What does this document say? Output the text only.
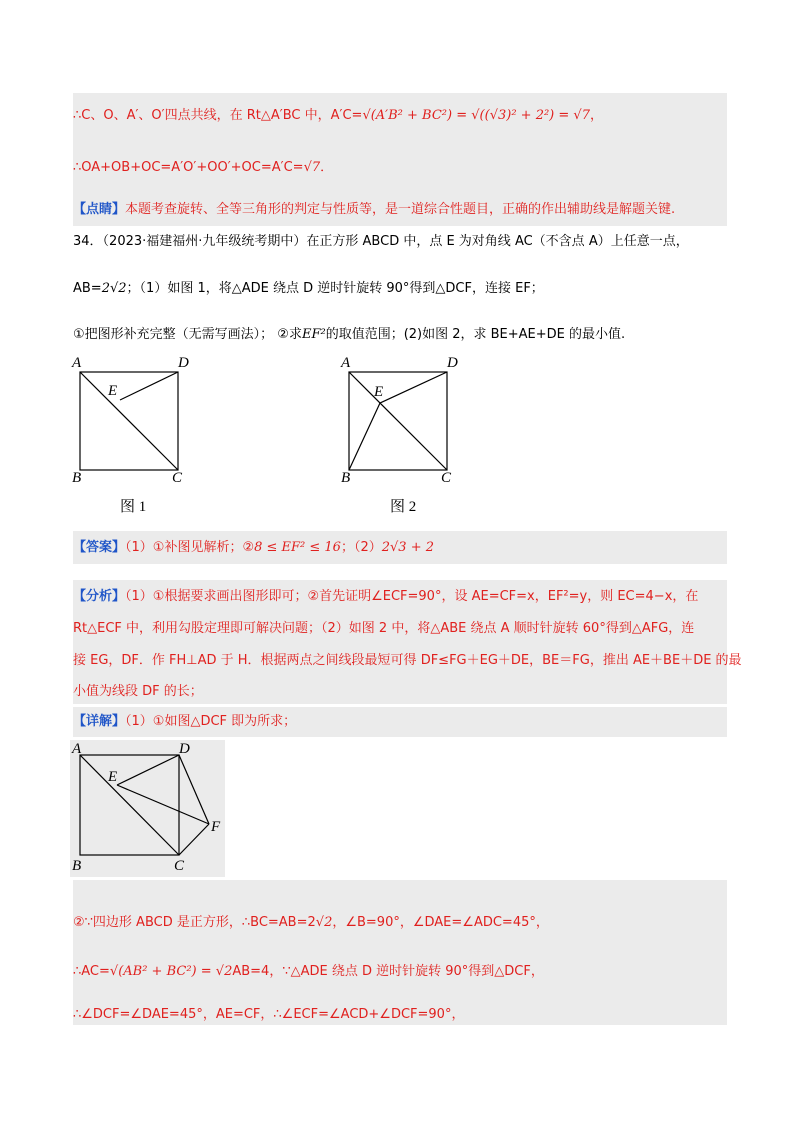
∴C、O、A′、O′四点共线，在 Rt△A′BC 中，A′C=√(A′B² + BC²) = √((√3)² + 2²) = √7，
∴OA+OB+OC=A′O′+OO′+OC=A′C=√7．
【点睛】本题考查旋转、全等三角形的判定与性质等，是一道综合性题目，正确的作出辅助线是解题关键.
34．（2023·福建福州·九年级统考期中）在正方形 ABCD 中，点 E 为对角线 AC（不含点 A）上任意一点，
AB=2√2；（1）如图 1，将△ADE 绕点 D 逆时针旋转 90°得到△DCF，连接 EF；
①把图形补充完整（无需写画法）； ②求EF²的取值范围；(2)如图 2，求 BE+AE+DE 的最小值.
A	D
E
B	C
图 1
A	D
E
B	C
图 2
【答案】（1）①补图见解析；②8 ≤ EF² ≤ 16；（2）2√3 + 2
【分析】（1）①根据要求画出图形即可；②首先证明∠ECF=90°，设 AE=CF=x，EF²=y，则 EC=4−x，在
Rt△ECF 中，利用勾股定理即可解决问题；（2）如图 2 中，将△ABE 绕点 A 顺时针旋转 60°得到△AFG，连
接 EG，DF．作 FH⊥AD 于 H．根据两点之间线段最短可得 DF≤FG＋EG＋DE，BE＝FG，推出 AE＋BE＋DE 的最
小值为线段 DF 的长；
【详解】（1）①如图△DCF 即为所求；
A	D
E
F
B	C
②∵四边形 ABCD 是正方形，∴BC=AB=2√2，∠B=90°，∠DAE=∠ADC=45°，
∴AC=√(AB² + BC²) = √2AB=4，∵△ADE 绕点 D 逆时针旋转 90°得到△DCF，
∴∠DCF=∠DAE=45°，AE=CF，∴∠ECF=∠ACD+∠DCF=90°，
